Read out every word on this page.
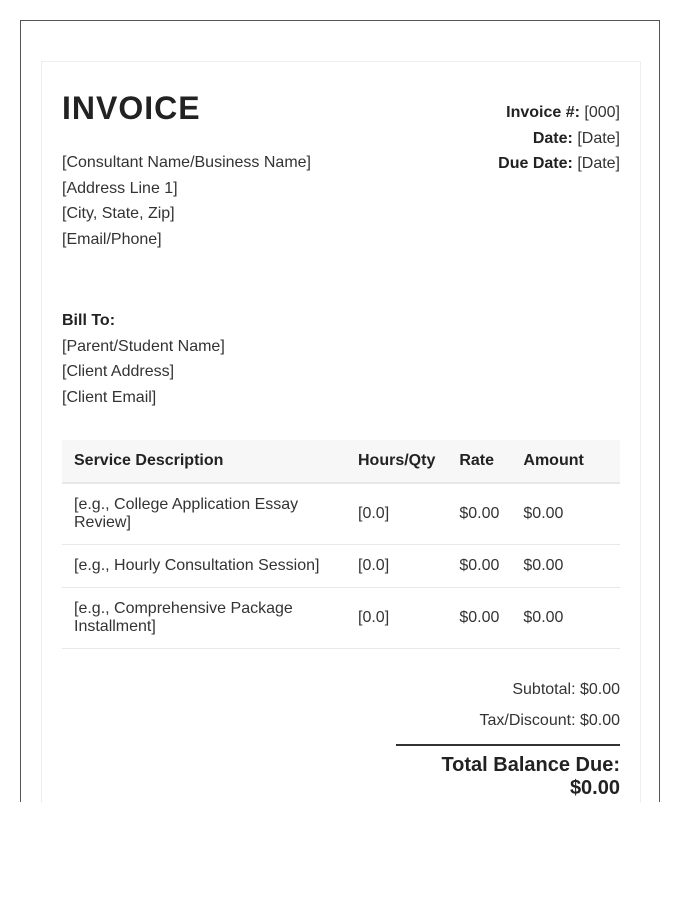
INVOICE	Invoice #: [000]
Date: [Date]
Due Date: [Date]
[Consultant Name/Business Name]
[Address Line 1]
[City, State, Zip]
[Email/Phone]
Bill To:
[Parent/Student Name]
[Client Address]
[Client Email]
Service Description	Hours/Qty	Rate	Amount
[e.g., College Application Essay Review]	[0.0]	$0.00	$0.00
[e.g., Hourly Consultation Session]	[0.0]	$0.00	$0.00
[e.g., Comprehensive Package Installment]	[0.0]	$0.00	$0.00
Subtotal: $0.00
Tax/Discount: $0.00
Total Balance Due: $0.00
